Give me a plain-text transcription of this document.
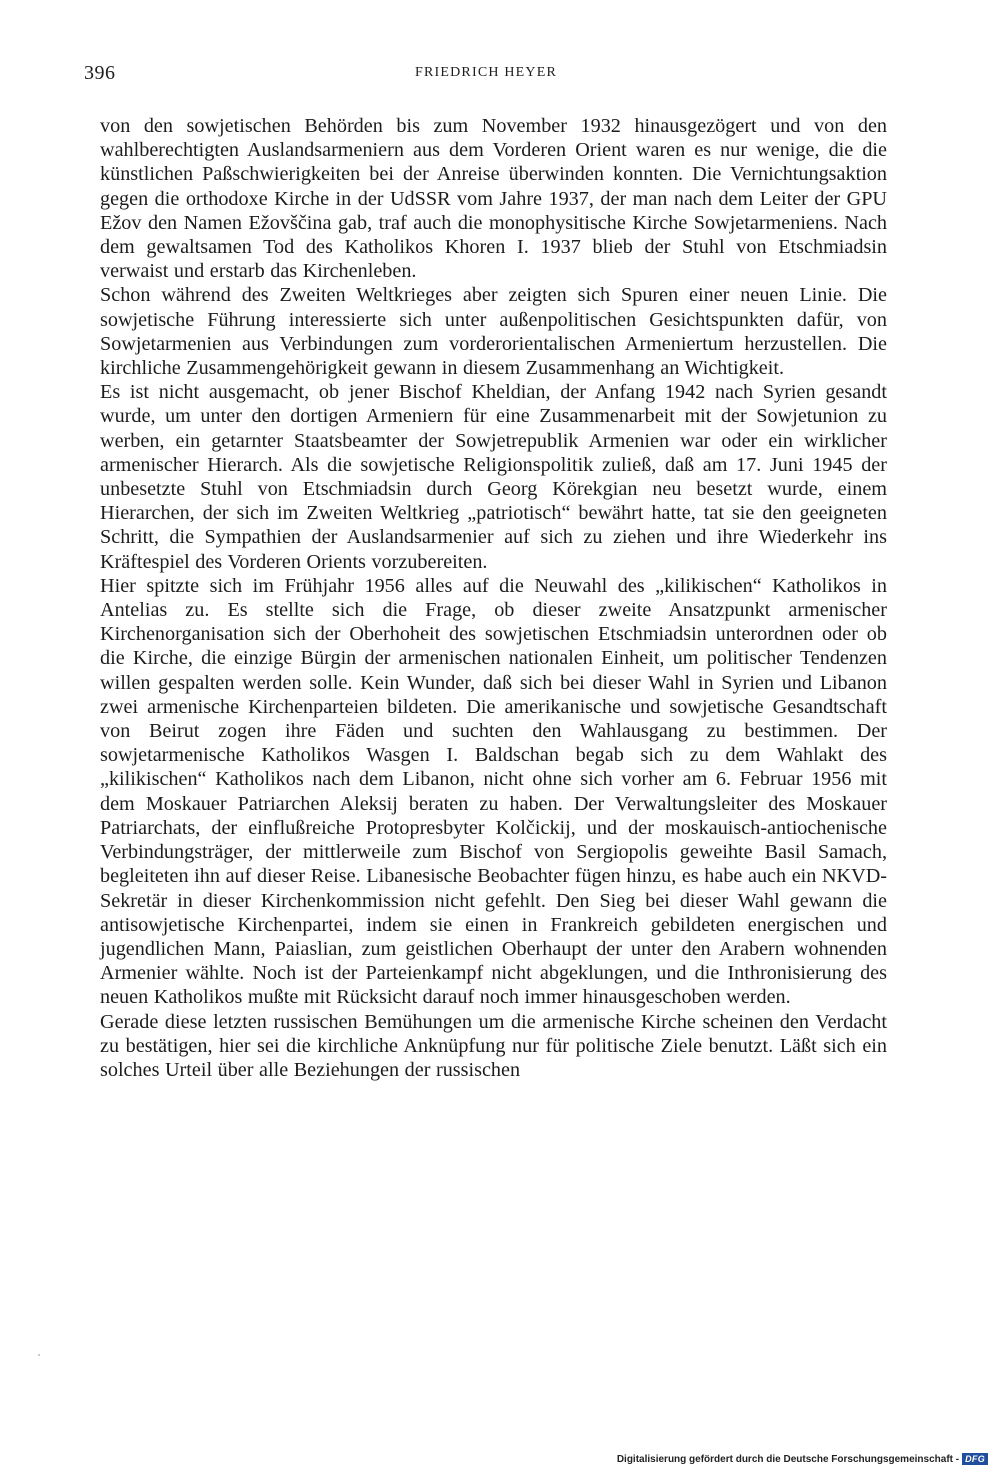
396	FRIEDRICH HEYER

von den sowjetischen Behörden bis zum November 1932 hinausgezögert und von den wahlberechtigten Auslandsarmeniern aus dem Vorderen Orient waren es nur wenige, die die künstlichen Paßschwierigkeiten bei der Anreise überwinden konnten. Die Vernichtungsaktion gegen die orthodoxe Kirche in der UdSSR vom Jahre 1937, der man nach dem Leiter der GPU Ežov den Namen Ežovščina gab, traf auch die monophysitische Kirche Sowjetarmeniens. Nach dem gewaltsamen Tod des Katholikos Khoren I. 1937 blieb der Stuhl von Etschmiadsin verwaist und erstarb das Kirchenleben.

Schon während des Zweiten Weltkrieges aber zeigten sich Spuren einer neuen Linie. Die sowjetische Führung interessierte sich unter außenpolitischen Gesichtspunkten dafür, von Sowjetarmenien aus Verbindungen zum vorderorientalischen Armeniertum herzustellen. Die kirchliche Zusammengehörigkeit gewann in diesem Zusammenhang an Wichtigkeit.

Es ist nicht ausgemacht, ob jener Bischof Kheldian, der Anfang 1942 nach Syrien gesandt wurde, um unter den dortigen Armeniern für eine Zusammenarbeit mit der Sowjetunion zu werben, ein getarnter Staatsbeamter der Sowjetrepublik Armenien war oder ein wirklicher armenischer Hierarch. Als die sowjetische Religionspolitik zuließ, daß am 17. Juni 1945 der unbesetzte Stuhl von Etschmiadsin durch Georg Körekgian neu besetzt wurde, einem Hierarchen, der sich im Zweiten Weltkrieg „patriotisch“ bewährt hatte, tat sie den geeigneten Schritt, die Sympathien der Auslandsarmenier auf sich zu ziehen und ihre Wiederkehr ins Kräftespiel des Vorderen Orients vorzubereiten.

Hier spitzte sich im Frühjahr 1956 alles auf die Neuwahl des „kilikischen“ Katholikos in Antelias zu. Es stellte sich die Frage, ob dieser zweite Ansatzpunkt armenischer Kirchenorganisation sich der Oberhoheit des sowjetischen Etschmiadsin unterordnen oder ob die Kirche, die einzige Bürgin der armenischen nationalen Einheit, um politischer Tendenzen willen gespalten werden solle. Kein Wunder, daß sich bei dieser Wahl in Syrien und Libanon zwei armenische Kirchenparteien bildeten. Die amerikanische und sowjetische Gesandtschaft von Beirut zogen ihre Fäden und suchten den Wahlausgang zu bestimmen. Der sowjetarmenische Katholikos Wasgen I. Baldschan begab sich zu dem Wahlakt des „kilikischen“ Katholikos nach dem Libanon, nicht ohne sich vorher am 6. Februar 1956 mit dem Moskauer Patriarchen Aleksij beraten zu haben. Der Verwaltungsleiter des Moskauer Patriarchats, der einflußreiche Protopresbyter Kolčickij, und der moskauisch-antiochenische Verbindungsträger, der mittlerweile zum Bischof von Sergiopolis geweihte Basil Samach, begleiteten ihn auf dieser Reise. Libanesische Beobachter fügen hinzu, es habe auch ein NKVD-Sekretär in dieser Kirchenkommission nicht gefehlt. Den Sieg bei dieser Wahl gewann die antisowjetische Kirchenpartei, indem sie einen in Frankreich gebildeten energischen und jugendlichen Mann, Paiaslian, zum geistlichen Oberhaupt der unter den Arabern wohnenden Armenier wählte. Noch ist der Parteienkampf nicht abgeklungen, und die Inthronisierung des neuen Katholikos mußte mit Rücksicht darauf noch immer hinausgeschoben werden.

Gerade diese letzten russischen Bemühungen um die armenische Kirche scheinen den Verdacht zu bestätigen, hier sei die kirchliche Anknüpfung nur für politische Ziele benutzt. Läßt sich ein solches Urteil über alle Beziehungen der russischen

Digitalisierung gefördert durch die Deutsche Forschungsgemeinschaft - DFG
